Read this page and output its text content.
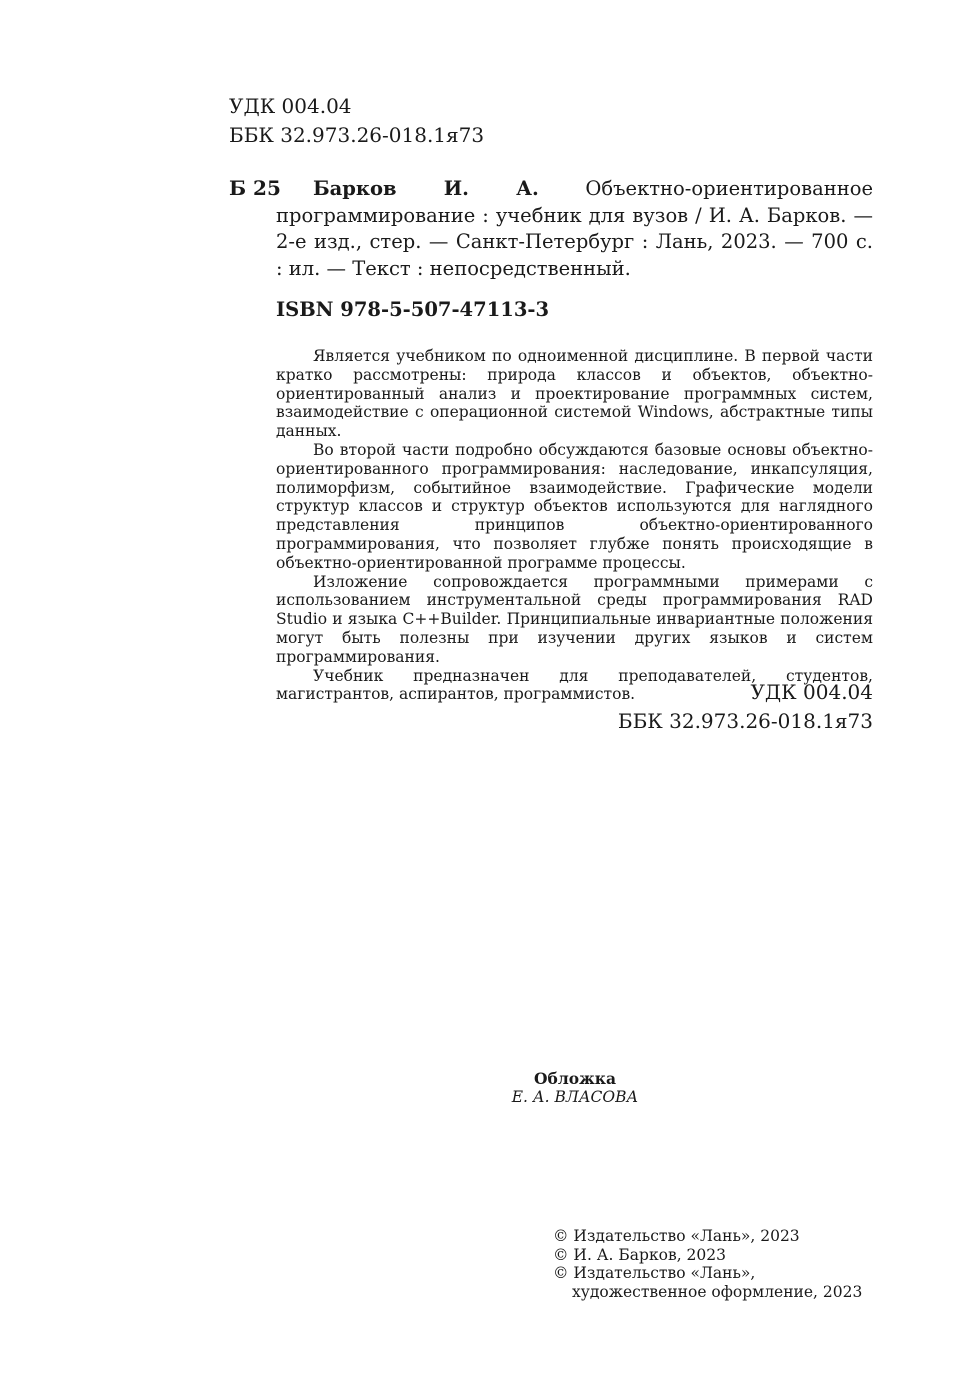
УДК 004.04
ББК 32.973.26-018.1я73
Б 25	Барков И. А. Объектно-ориентированное программирование : учебник для вузов / И. А. Барков. — 2-е изд., стер. — Санкт-Петербург : Лань, 2023. — 700 с. : ил. — Текст : непосредственный.
ISBN 978-5-507-47113-3

Является учебником по одноименной дисциплине. В первой части кратко рассмотрены: природа классов и объектов, объектно-ориентированный анализ и проектирование программных систем, взаимодействие с операционной системой Windows, абстрактные типы данных.

Во второй части подробно обсуждаются базовые основы объектно-ориентированного программирования: наследование, инкапсуляция, полиморфизм, событийное взаимодействие. Графические модели структур классов и структур объектов используются для наглядного представления принципов объектно-ориентированного программирования, что позволяет глубже понять происходящие в объектно-ориентированной программе процессы.

Изложение сопровождается программными примерами с использованием инструментальной среды программирования RAD Studio и языка C++Builder. Принципиальные инвариантные положения могут быть полезны при изучении других языков и систем программирования.

Учебник предназначен для преподавателей, студентов, магистрантов, аспирантов, программистов.	УДК 004.04
ББК 32.973.26-018.1я73
Обложка
Е. А. ВЛАСОВА
© Издательство «Лань», 2023
© И. А. Барков, 2023
© Издательство «Лань»,
художественное оформление, 2023
